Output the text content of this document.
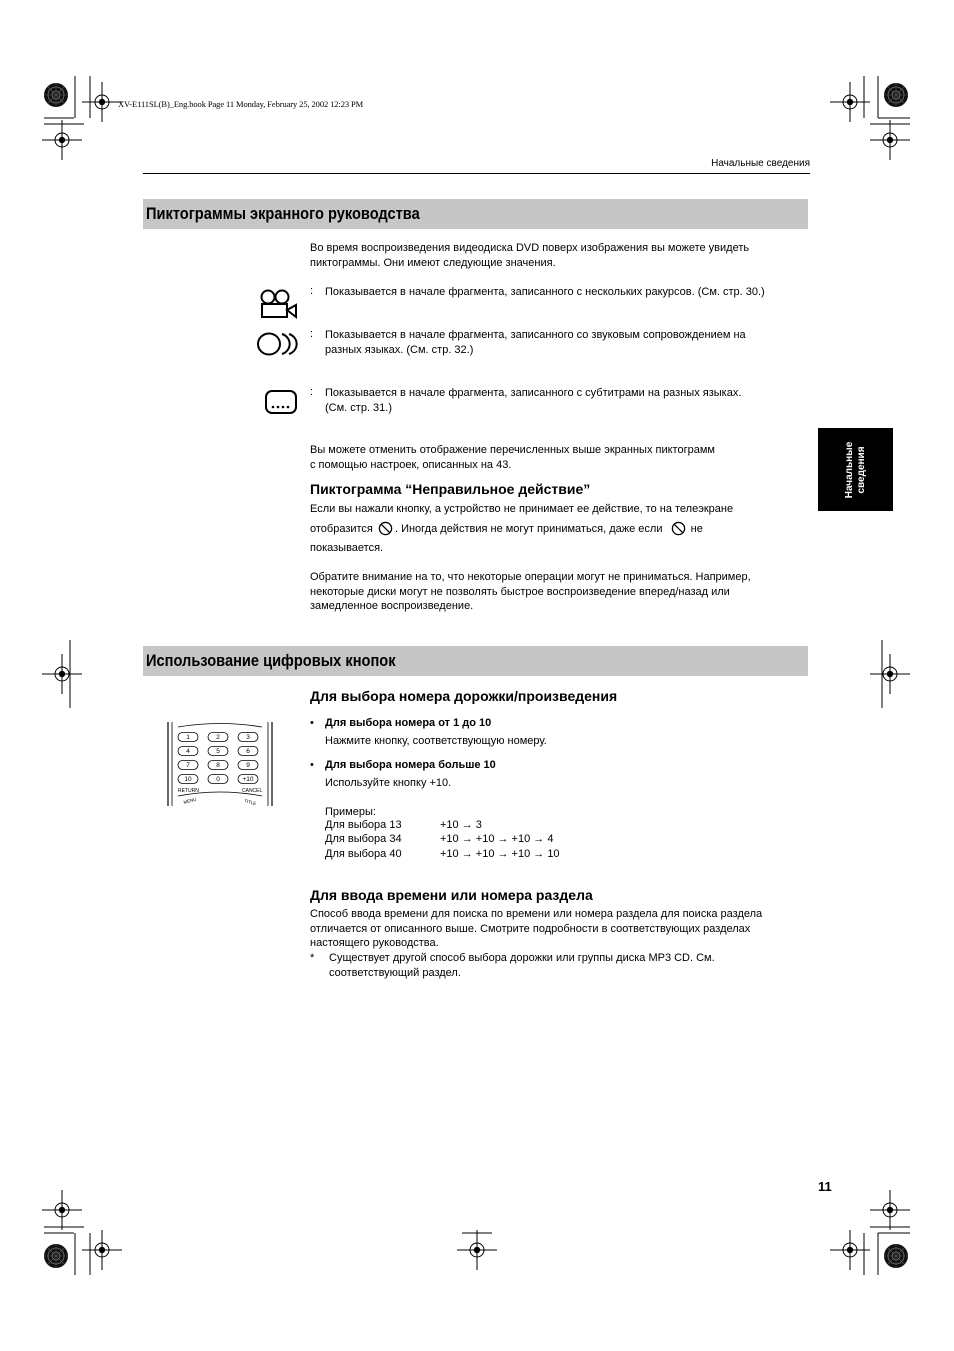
XV-E111SL(B)_Eng.book Page 11 Monday, February 25, 2002 12:23 PM
Начальные сведения
Начальные сведения
Пиктограммы экранного руководства
Во время воспроизведения видеодиска DVD поверх изображения вы можете увидеть
пиктограммы. Они имеют следующие значения.
: Показывается в начале фрагмента, записанного с нескольких ракурсов. (См. стр. 30.)
: Показывается в начале фрагмента, записанного со звуковым сопровождением на
разных языках. (См. стр. 32.)
: Показывается в начале фрагмента, записанного с субтитрами на разных языках.
(См. стр. 31.)
Вы можете отменить отображение перечисленных выше экранных пиктограмм
с помощью настроек, описанных на 43.
Пиктограмма “Неправильное действие”
Если вы нажали кнопку, а устройство не принимает ее действие, то на телеэкране
отобразится . Иногда действия не могут приниматься, даже если	не
показывается.
Обратите внимание на то, что некоторые операции могут не приниматься. Например,
некоторые диски могут не позволять быстрое воспроизведение вперед/назад или
замедленное воспроизведение.
Использование цифровых кнопок
Для выбора номера дорожки/произведения
1	2	3
4	5	6
7	8	9
10	0	+10
RETURN	CANCEL
MENU	TITLE
• Для выбора номера от 1 до 10
Нажмите кнопку, соответствующую номеру.
• Для выбора номера больше 10
Используйте кнопку +10.
Примеры:
Для выбора 13	+10 → 3
Для выбора 34	+10 → +10 → +10 → 4
Для выбора 40	+10 → +10 → +10 → 10
Для ввода времени или номера раздела
Способ ввода времени для поиска по времени или номера раздела для поиска раздела
отличается от описанного выше. Смотрите подробности в соответствующих разделах
настоящего руководства.
* Существует другой способ выбора дорожки или группы диска MP3 CD. См.
соответствующий раздел.
11
